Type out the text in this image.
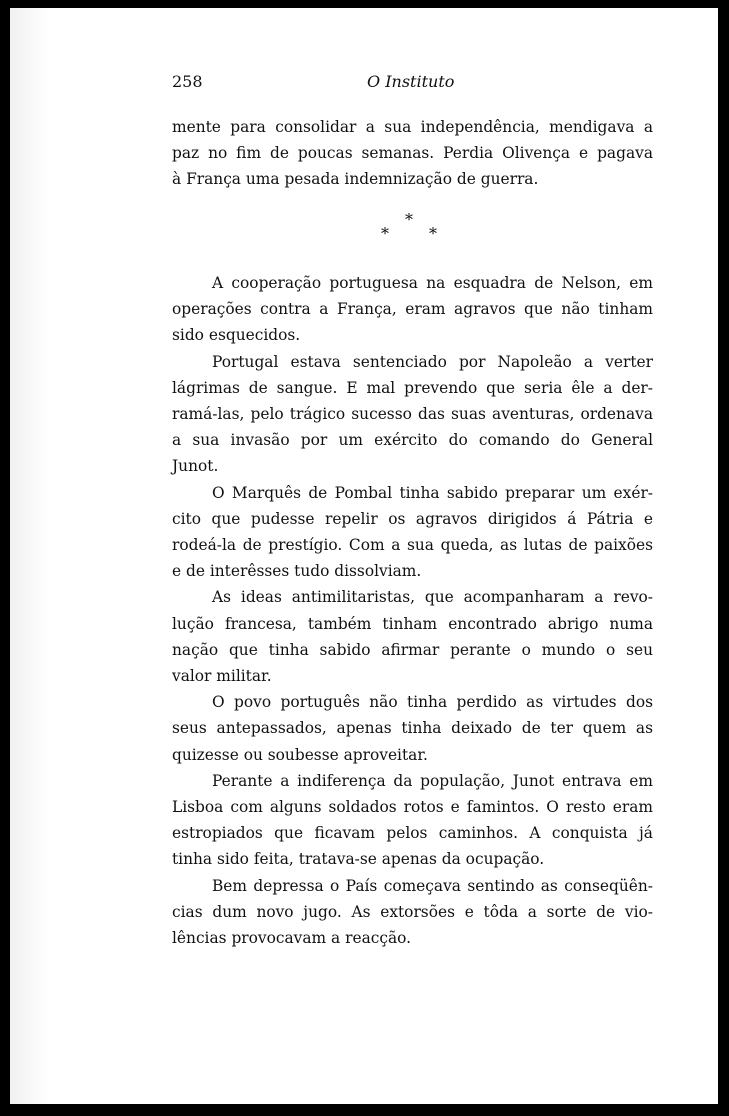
258	O Instituto
mente para consolidar a sua independência, mendigava a
paz no fim de poucas semanas. Perdia Olivença e pagava
à França uma pesada indemnização de guerra.
*
*	*
A cooperação portuguesa na esquadra de Nelson, em
operações contra a França, eram agravos que não tinham
sido esquecidos.
Portugal estava sentenciado por Napoleão a verter
lágrimas de sangue. E mal prevendo que seria êle a der-
ramá-las, pelo trágico sucesso das suas aventuras, ordenava
a sua invasão por um exército do comando do General
Junot.
O Marquês de Pombal tinha sabido preparar um exér-
cito que pudesse repelir os agravos dirigidos á Pátria e
rodeá-la de prestígio. Com a sua queda, as lutas de paixões
e de interêsses tudo dissolviam.
As ideas antimilitaristas, que acompanharam a revo-
lução francesa, também tinham encontrado abrigo numa
nação que tinha sabido afirmar perante o mundo o seu
valor militar.
O povo português não tinha perdido as virtudes dos
seus antepassados, apenas tinha deixado de ter quem as
quizesse ou soubesse aproveitar.
Perante a indiferença da população, Junot entrava em
Lisboa com alguns soldados rotos e famintos. O resto eram
estropiados que ficavam pelos caminhos. A conquista já
tinha sido feita, tratava-se apenas da ocupação.
Bem depressa o País começava sentindo as conseqüên-
cias dum novo jugo. As extorsões e tôda a sorte de vio-
lências provocavam a reacção.
